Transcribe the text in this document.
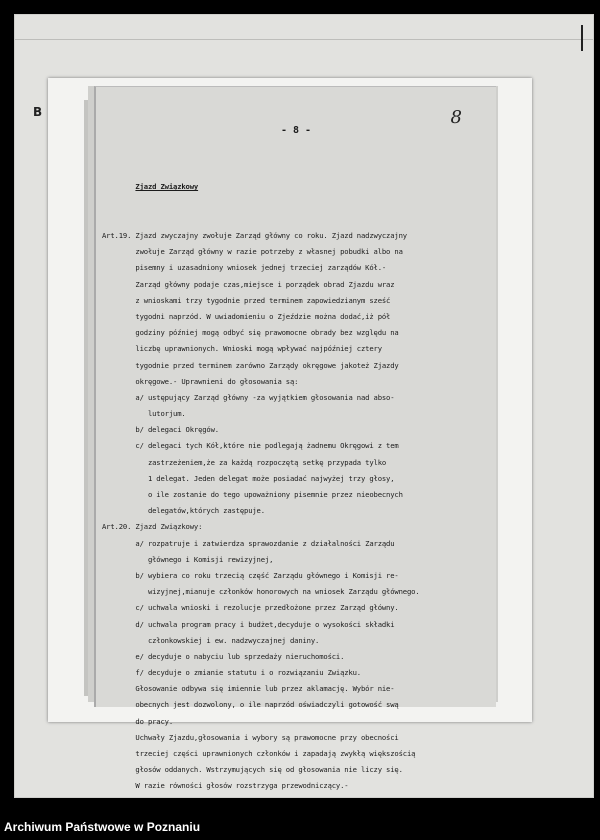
B
- 8 -
8

Zjazd Związkowy

Art.19. Zjazd zwyczajny zwołuje Zarząd główny co roku. Zjazd nadzwyczajny
zwołuje Zarząd główny w razie potrzeby z własnej pobudki albo na
pisemny i uzasadniony wniosek jednej trzeciej zarządów Kół.-
Zarząd główny podaje czas,miejsce i porządek obrad Zjazdu wraz
z wnioskami trzy tygodnie przed terminem zapowiedzianym sześć
tygodni naprzód. W uwiadomieniu o Zjeździe można dodać,iż pół
godziny później mogą odbyć się prawomocne obrady bez względu na
liczbę uprawnionych. Wnioski mogą wpływać najpóźniej cztery
tygodnie przed terminem zarówno Zarządy okręgowe jakoteż Zjazdy
okręgowe.- Uprawnieni do głosowania są:
a/ ustępujący Zarząd główny -za wyjątkiem głosowania nad abso-
lutorjum.
b/ delegaci Okręgów.
c/ delegaci tych Kół,które nie podlegają żadnemu Okręgowi z tem
zastrzeżeniem,że za każdą rozpoczętą setkę przypada tylko
1 delegat. Jeden delegat może posiadać najwyżej trzy głosy,
o ile zostanie do tego upoważniony pisemnie przez nieobecnych
delegatów,których zastępuje.
Art.20. Zjazd Związkowy:
a/ rozpatruje i zatwierdza sprawozdanie z działalności Zarządu
głównego i Komisji rewizyjnej,
b/ wybiera co roku trzecią część Zarządu głównego i Komisji re-
wizyjnej,mianuje członków honorowych na wniosek Zarządu głównego.
c/ uchwala wnioski i rezolucje przedłożone przez Zarząd główny.
d/ uchwala program pracy i budżet,decyduje o wysokości składki
członkowskiej i ew. nadzwyczajnej daniny.
e/ decyduje o nabyciu lub sprzedaży nieruchomości.
f/ decyduje o zmianie statutu i o rozwiązaniu Związku.
Głosowanie odbywa się imiennie lub przez aklamację. Wybór nie-
obecnych jest dozwolony, o ile naprzód oświadczyli gotowość swą
do pracy.
Uchwały Zjazdu,głosowania i wybory są prawomocne przy obecności
trzeciej części uprawnionych członków i zapadają zwykłą większością
głosów oddanych. Wstrzymujących się od głosowania nie liczy się.
W razie równości głosów rozstrzyga przewodniczący.-

Archiwum Państwowe w Poznaniu
